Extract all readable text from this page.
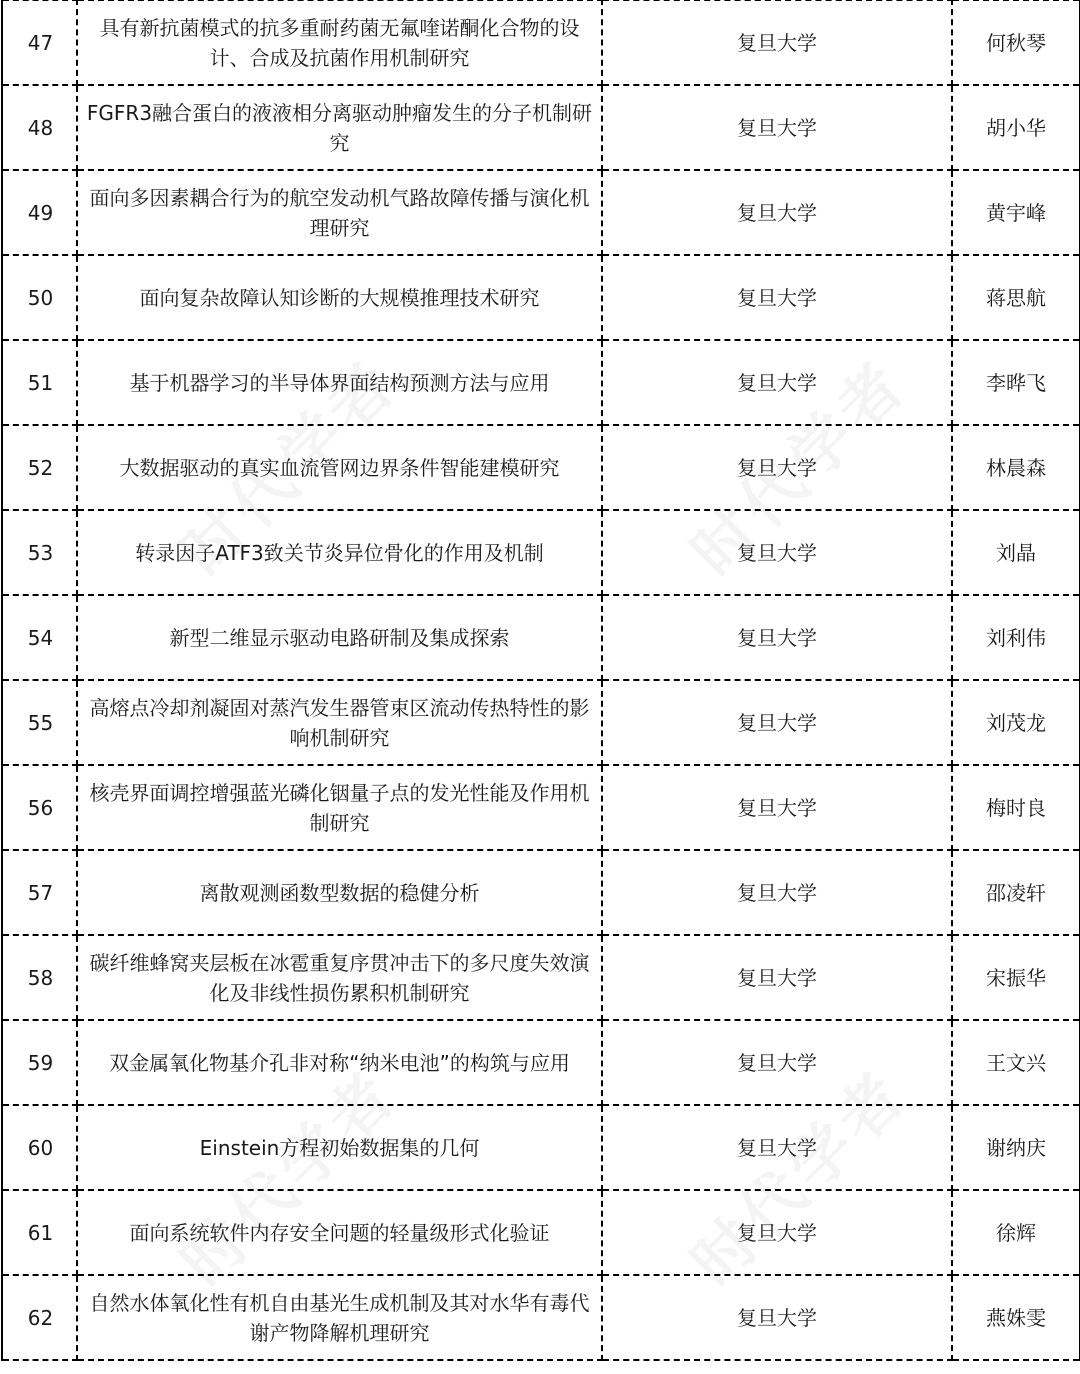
47	具有新抗菌模式的抗多重耐药菌无氟喹诺酮化合物的设计、合成及抗菌作用机制研究	复旦大学	何秋琴
48	FGFR3融合蛋白的液液相分离驱动肿瘤发生的分子机制研究	复旦大学	胡小华
49	面向多因素耦合行为的航空发动机气路故障传播与演化机理研究	复旦大学	黄宇峰
50	面向复杂故障认知诊断的大规模推理技术研究	复旦大学	蒋思航
51	基于机器学习的半导体界面结构预测方法与应用	复旦大学	李晔飞
52	大数据驱动的真实血流管网边界条件智能建模研究	复旦大学	林晨森
53	转录因子ATF3致关节炎异位骨化的作用及机制	复旦大学	刘晶
54	新型二维显示驱动电路研制及集成探索	复旦大学	刘利伟
55	高熔点冷却剂凝固对蒸汽发生器管束区流动传热特性的影响机制研究	复旦大学	刘茂龙
56	核壳界面调控增强蓝光磷化铟量子点的发光性能及作用机制研究	复旦大学	梅时良
57	离散观测函数型数据的稳健分析	复旦大学	邵凌轩
58	碳纤维蜂窝夹层板在冰雹重复序贯冲击下的多尺度失效演化及非线性损伤累积机制研究	复旦大学	宋振华
59	双金属氧化物基介孔非对称“纳米电池”的构筑与应用	复旦大学	王文兴
60	Einstein方程初始数据集的几何	复旦大学	谢纳庆
61	面向系统软件内存安全问题的轻量级形式化验证	复旦大学	徐辉
62	自然水体氧化性有机自由基光生成机制及其对水华有毒代谢产物降解机理研究	复旦大学	燕姝雯
